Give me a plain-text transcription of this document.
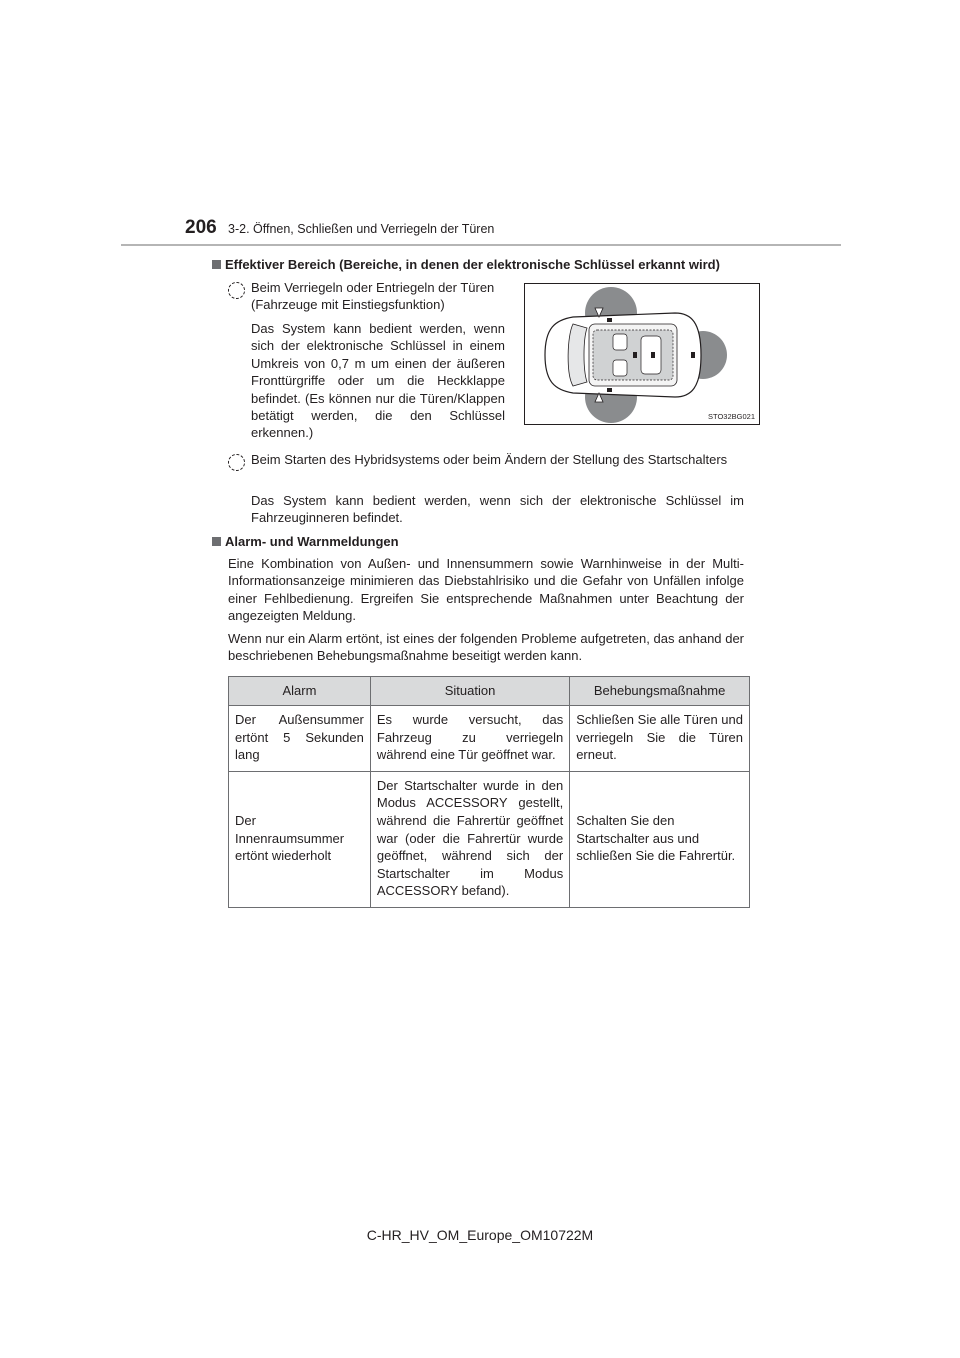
206 3-2. Öffnen, Schließen und Verriegeln der Türen
Effektiver Bereich (Bereiche, in denen der elektronische Schlüssel erkannt wird)

Beim Verriegeln oder Entriegeln der Türen (Fahrzeuge mit Einstiegsfunktion)

Das System kann bedient werden, wenn sich der elektronische Schlüssel in einem Umkreis von 0,7 m um einen der äußeren Fronttürgriffe oder um die Heckklappe befindet. (Es können nur die Türen/Klappen betätigt werden, die den Schlüssel erkennen.)

STO32BG021

Beim Starten des Hybridsystems oder beim Ändern der Stellung des Startschalters

Das System kann bedient werden, wenn sich der elektronische Schlüssel im Fahrzeuginneren befindet.

Alarm- und Warnmeldungen

Eine Kombination von Außen- und Innensummern sowie Warnhinweise in der Multi-Informationsanzeige minimieren das Diebstahlrisiko und die Gefahr von Unfällen infolge einer Fehlbedienung. Ergreifen Sie entsprechende Maßnahmen unter Beachtung der angezeigten Meldung.

Wenn nur ein Alarm ertönt, ist eines der folgenden Probleme aufgetreten, das anhand der beschriebenen Behebungsmaßnahme beseitigt werden kann.

Alarm	Situation	Behebungsmaßnahme
Der Außensummer ertönt 5 Sekunden lang	Es wurde versucht, das Fahrzeug zu verriegeln während eine Tür geöffnet war.	Schließen Sie alle Türen und verriegeln Sie die Türen erneut.
Der Innenraumsummer ertönt wiederholt	Der Startschalter wurde in den Modus ACCESSORY gestellt, während die Fahrertür geöffnet war (oder die Fahrertür wurde geöffnet, während sich der Startschalter im Modus ACCESSORY befand).	Schalten Sie den Startschalter aus und schließen Sie die Fahrertür.
C-HR_HV_OM_Europe_OM10722M
